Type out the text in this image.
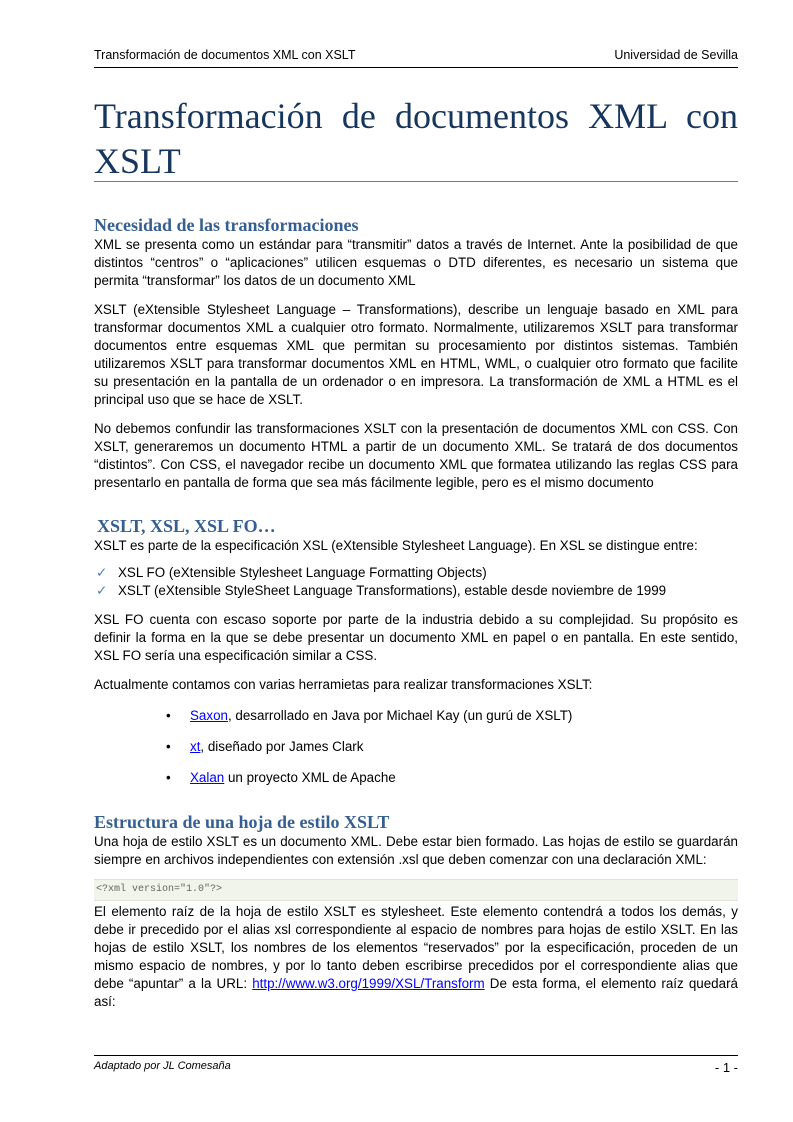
Transformación de documentos XML con XSLT	Universidad de Sevilla
Transformación de documentos XML con
XSLT
Necesidad de las transformaciones

XML se presenta como un estándar para “transmitir” datos a través de Internet. Ante la posibilidad de que distintos “centros” o “aplicaciones” utilicen esquemas o DTD diferentes, es necesario un sistema que permita “transformar” los datos de un documento XML

XSLT (eXtensible Stylesheet Language – Transformations), describe un lenguaje basado en XML para transformar documentos XML a cualquier otro formato. Normalmente, utilizaremos XSLT para transformar documentos entre esquemas XML que permitan su procesamiento por distintos sistemas. También utilizaremos XSLT para transformar documentos XML en HTML, WML, o cualquier otro formato que facilite su presentación en la pantalla de un ordenador o en impresora. La transformación de XML a HTML es el principal uso que se hace de XSLT.

No debemos confundir las transformaciones XSLT con la presentación de documentos XML con CSS. Con XSLT, generaremos un documento HTML a partir de un documento XML. Se tratará de dos documentos “distintos”. Con CSS, el navegador recibe un documento XML que formatea utilizando las reglas CSS para presentarlo en pantalla de forma que sea más fácilmente legible, pero es el mismo documento

XSLT, XSL, XSL FO…

XSLT es parte de la especificación XSL (eXtensible Stylesheet Language). En XSL se distingue entre:

✓ XSL FO (eXtensible Stylesheet Language Formatting Objects)
✓ XSLT (eXtensible StyleSheet Language Transformations), estable desde noviembre de 1999

XSL FO cuenta con escaso soporte por parte de la industria debido a su complejidad. Su propósito es definir la forma en la que se debe presentar un documento XML en papel o en pantalla. En este sentido, XSL FO sería una especificación similar a CSS.

Actualmente contamos con varias herramietas para realizar transformaciones XSLT:

• Saxon, desarrollado en Java por Michael Kay (un gurú de XSLT)
• xt, diseñado por James Clark
• Xalan un proyecto XML de Apache
Estructura de una hoja de estilo XSLT

Una hoja de estilo XSLT es un documento XML. Debe estar bien formado. Las hojas de estilo se guardarán siempre en archivos independientes con extensión .xsl que deben comenzar con una declaración XML:

<?xml version="1.0"?>

El elemento raíz de la hoja de estilo XSLT es stylesheet. Este elemento contendrá a todos los demás, y debe ir precedido por el alias xsl correspondiente al espacio de nombres para hojas de estilo XSLT. En las hojas de estilo XSLT, los nombres de los elementos “reservados” por la especificación, proceden de un mismo espacio de nombres, y por lo tanto deben escribirse precedidos por el correspondiente alias que debe “apuntar” a la URL: http://www.w3.org/1999/XSL/Transform De esta forma, el elemento raíz quedará así:

Adaptado por JL Comesaña	- 1 -
